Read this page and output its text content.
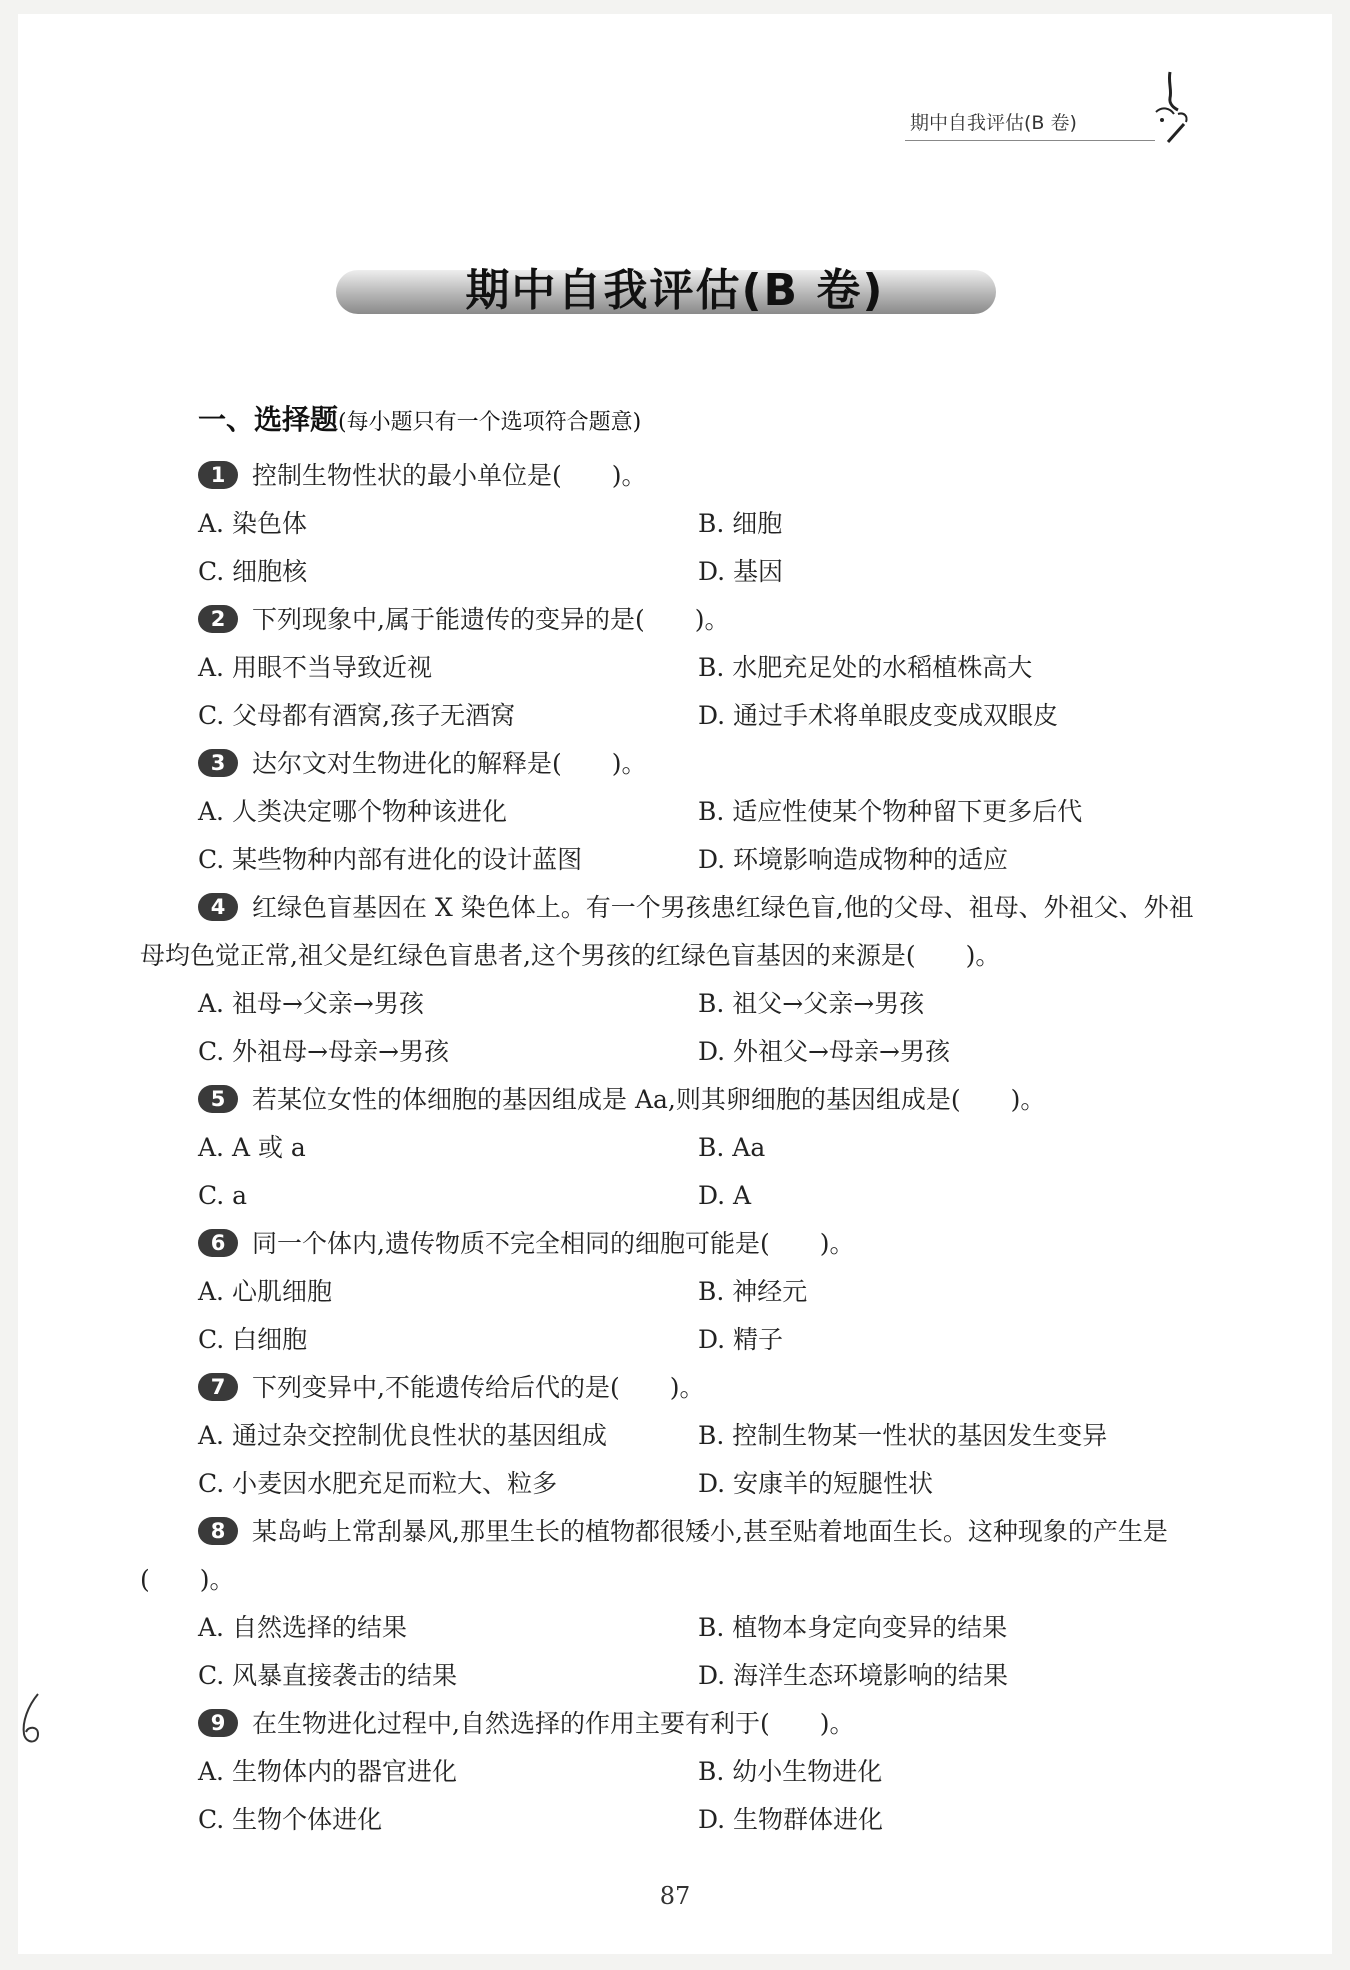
期中自我评估(B 卷)
期中自我评估(B 卷)
一、选择题(每小题只有一个选项符合题意)
1 控制生物性状的最小单位是(　　)。
A. 染色体	B. 细胞
C. 细胞核	D. 基因
2 下列现象中,属于能遗传的变异的是(　　)。
A. 用眼不当导致近视	B. 水肥充足处的水稻植株高大
C. 父母都有酒窝,孩子无酒窝	D. 通过手术将单眼皮变成双眼皮
3 达尔文对生物进化的解释是(　　)。
A. 人类决定哪个物种该进化	B. 适应性使某个物种留下更多后代
C. 某些物种内部有进化的设计蓝图	D. 环境影响造成物种的适应
4 红绿色盲基因在 X 染色体上。有一个男孩患红绿色盲,他的父母、祖母、外祖父、外祖母均色觉正常,祖父是红绿色盲患者,这个男孩的红绿色盲基因的来源是(　　)。
A. 祖母→父亲→男孩	B. 祖父→父亲→男孩
C. 外祖母→母亲→男孩	D. 外祖父→母亲→男孩
5 若某位女性的体细胞的基因组成是 Aa,则其卵细胞的基因组成是(　　)。
A. A 或 a	B. Aa
C. a	D. A
6 同一个体内,遗传物质不完全相同的细胞可能是(　　)。
A. 心肌细胞	B. 神经元
C. 白细胞	D. 精子
7 下列变异中,不能遗传给后代的是(　　)。
A. 通过杂交控制优良性状的基因组成	B. 控制生物某一性状的基因发生变异
C. 小麦因水肥充足而粒大、粒多	D. 安康羊的短腿性状
8 某岛屿上常刮暴风,那里生长的植物都很矮小,甚至贴着地面生长。这种现象的产生是(　　)。
A. 自然选择的结果	B. 植物本身定向变异的结果
C. 风暴直接袭击的结果	D. 海洋生态环境影响的结果
9 在生物进化过程中,自然选择的作用主要有利于(　　)。
A. 生物体内的器官进化	B. 幼小生物进化
C. 生物个体进化	D. 生物群体进化
87
